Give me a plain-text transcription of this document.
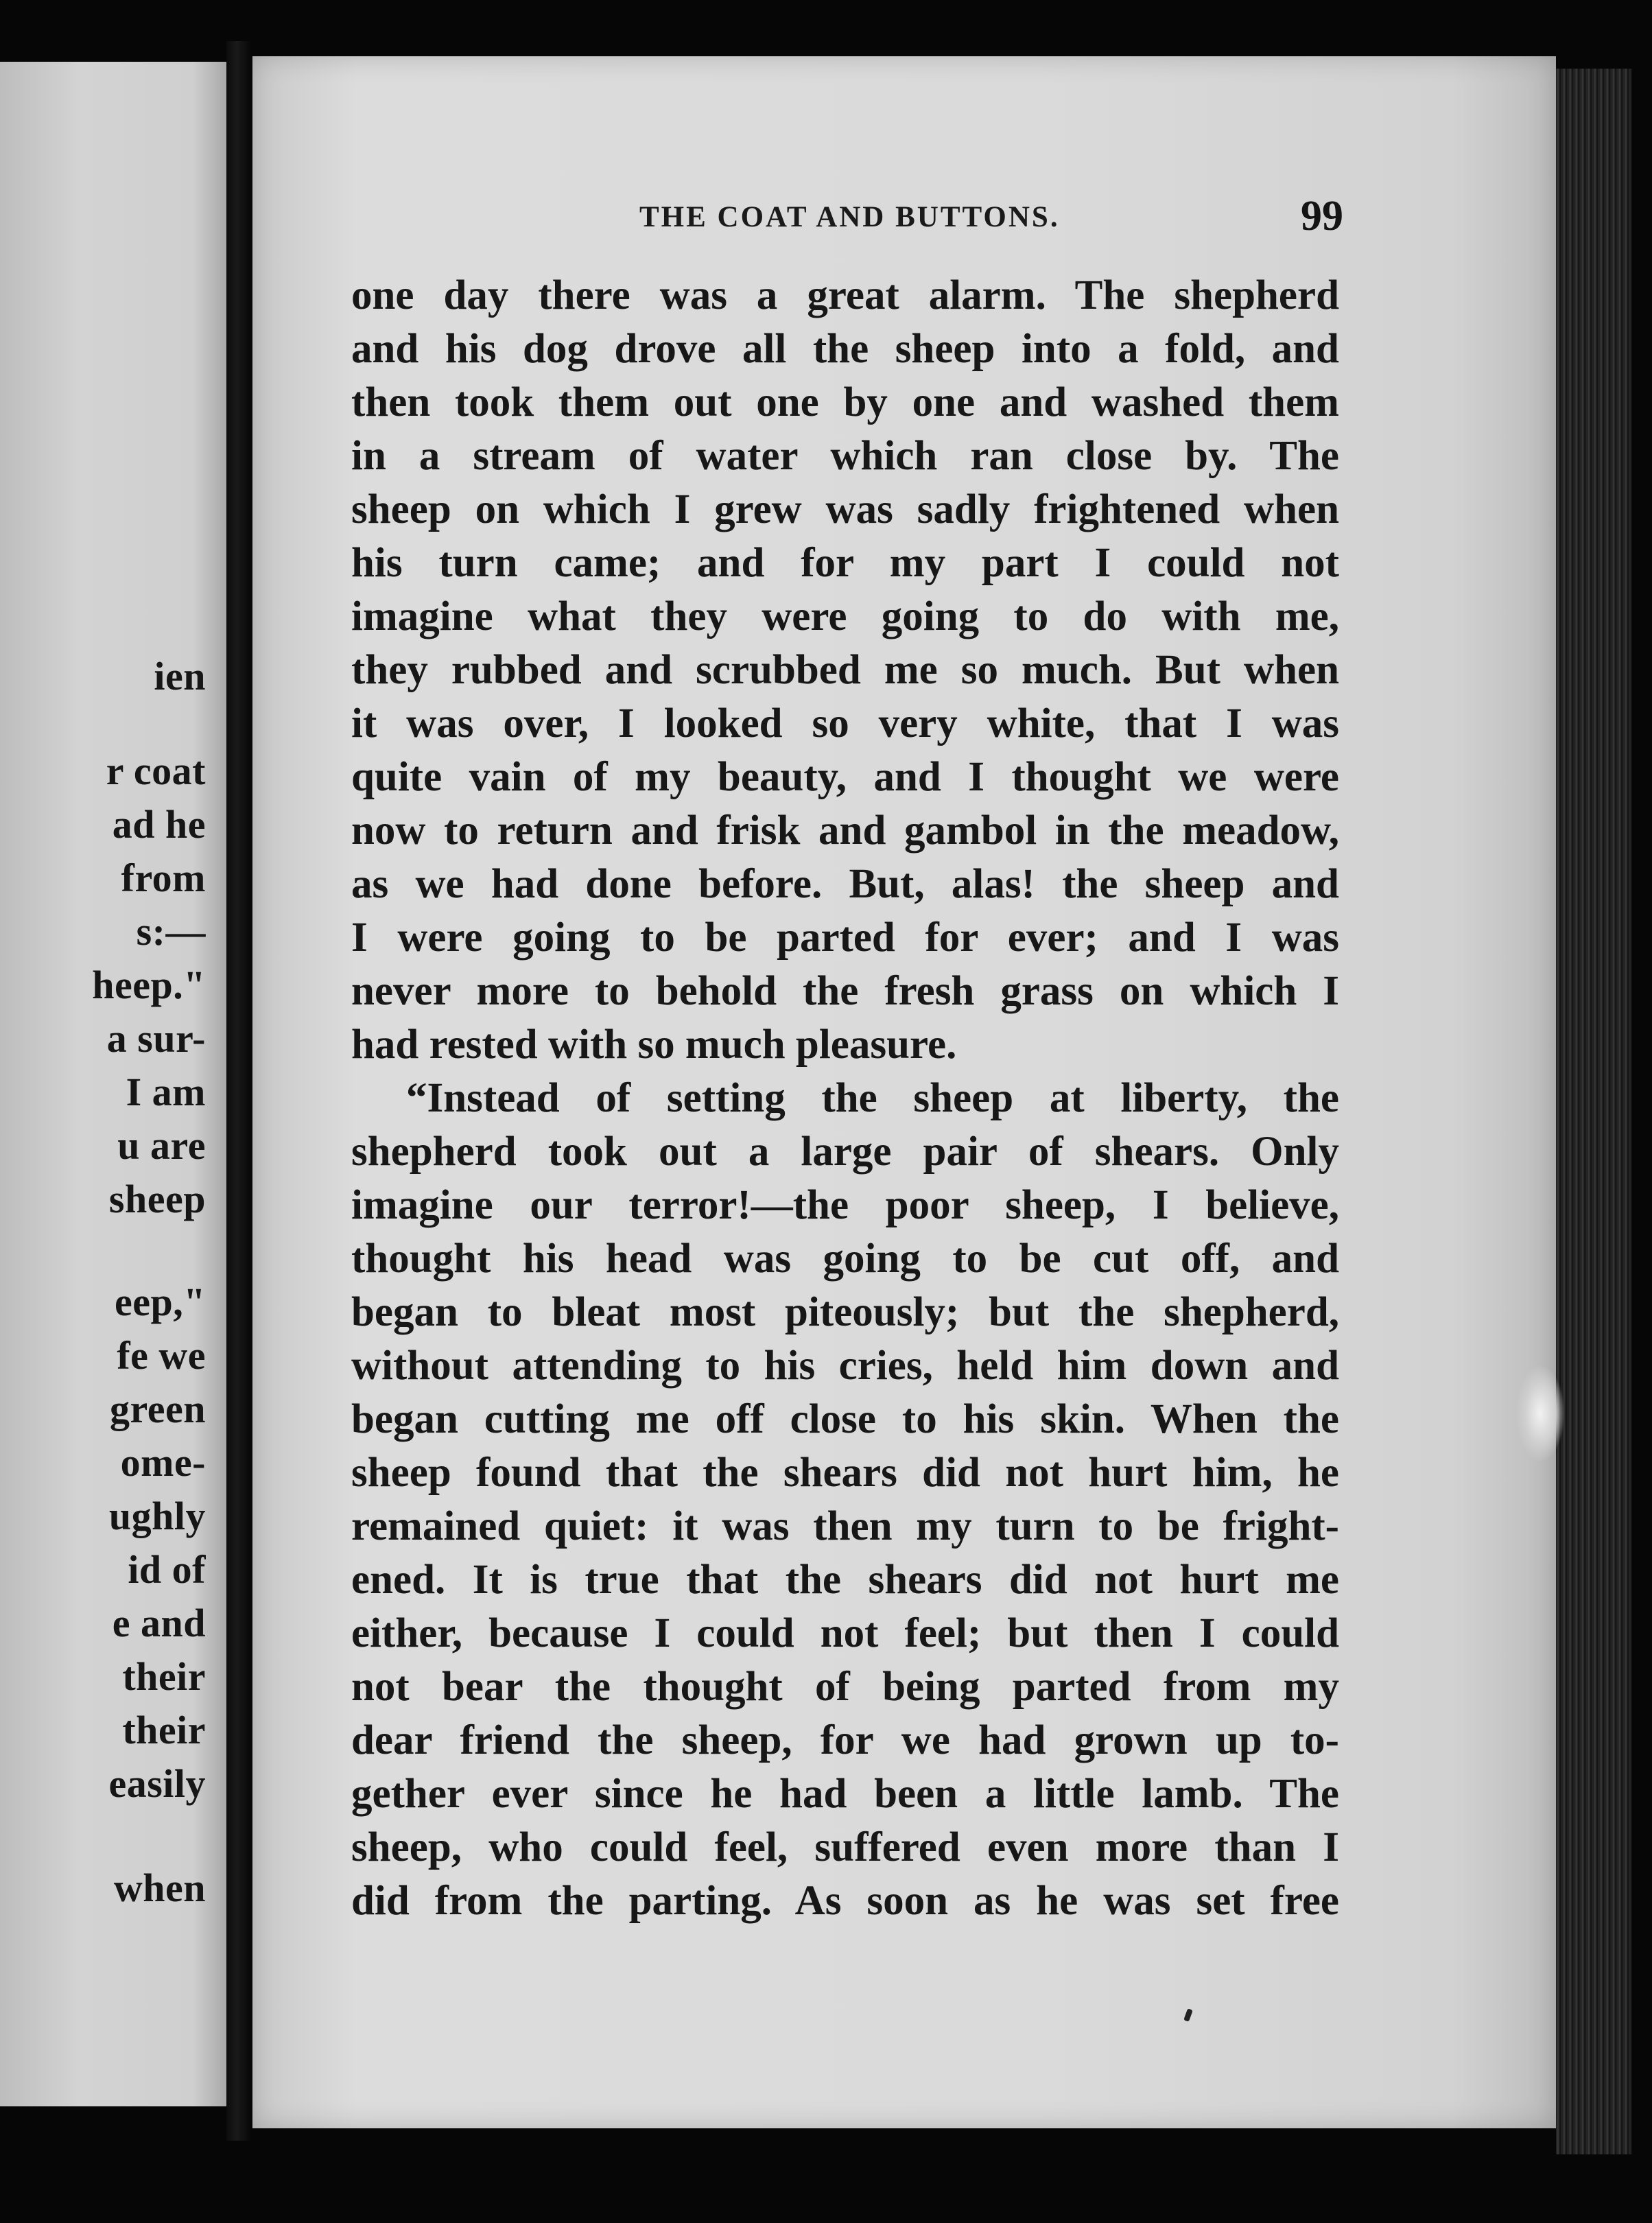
ien
r coat
ad he
from
s:—
heep."
a sur-
I am
u are
sheep
eep,"
fe we
green
ome-
ughly
id of
e and
their
their
easily
when
THE COAT AND BUTTONS.	99
one day there was a great alarm. The shepherd
and his dog drove all the sheep into a fold, and
then took them out one by one and washed them
in a stream of water which ran close by. The
sheep on which I grew was sadly frightened when
his turn came; and for my part I could not
imagine what they were going to do with me,
they rubbed and scrubbed me so much. But when
it was over, I looked so very white, that I was
quite vain of my beauty, and I thought we were
now to return and frisk and gambol in the meadow,
as we had done before. But, alas! the sheep and
I were going to be parted for ever; and I was
never more to behold the fresh grass on which I
had rested with so much pleasure.
“Instead of setting the sheep at liberty, the
shepherd took out a large pair of shears. Only
imagine our terror!—the poor sheep, I believe,
thought his head was going to be cut off, and
began to bleat most piteously; but the shepherd,
without attending to his cries, held him down and
began cutting me off close to his skin. When the
sheep found that the shears did not hurt him, he
remained quiet: it was then my turn to be fright-
ened. It is true that the shears did not hurt me
either, because I could not feel; but then I could
not bear the thought of being parted from my
dear friend the sheep, for we had grown up to-
gether ever since he had been a little lamb. The
sheep, who could feel, suffered even more than I
did from the parting. As soon as he was set free
